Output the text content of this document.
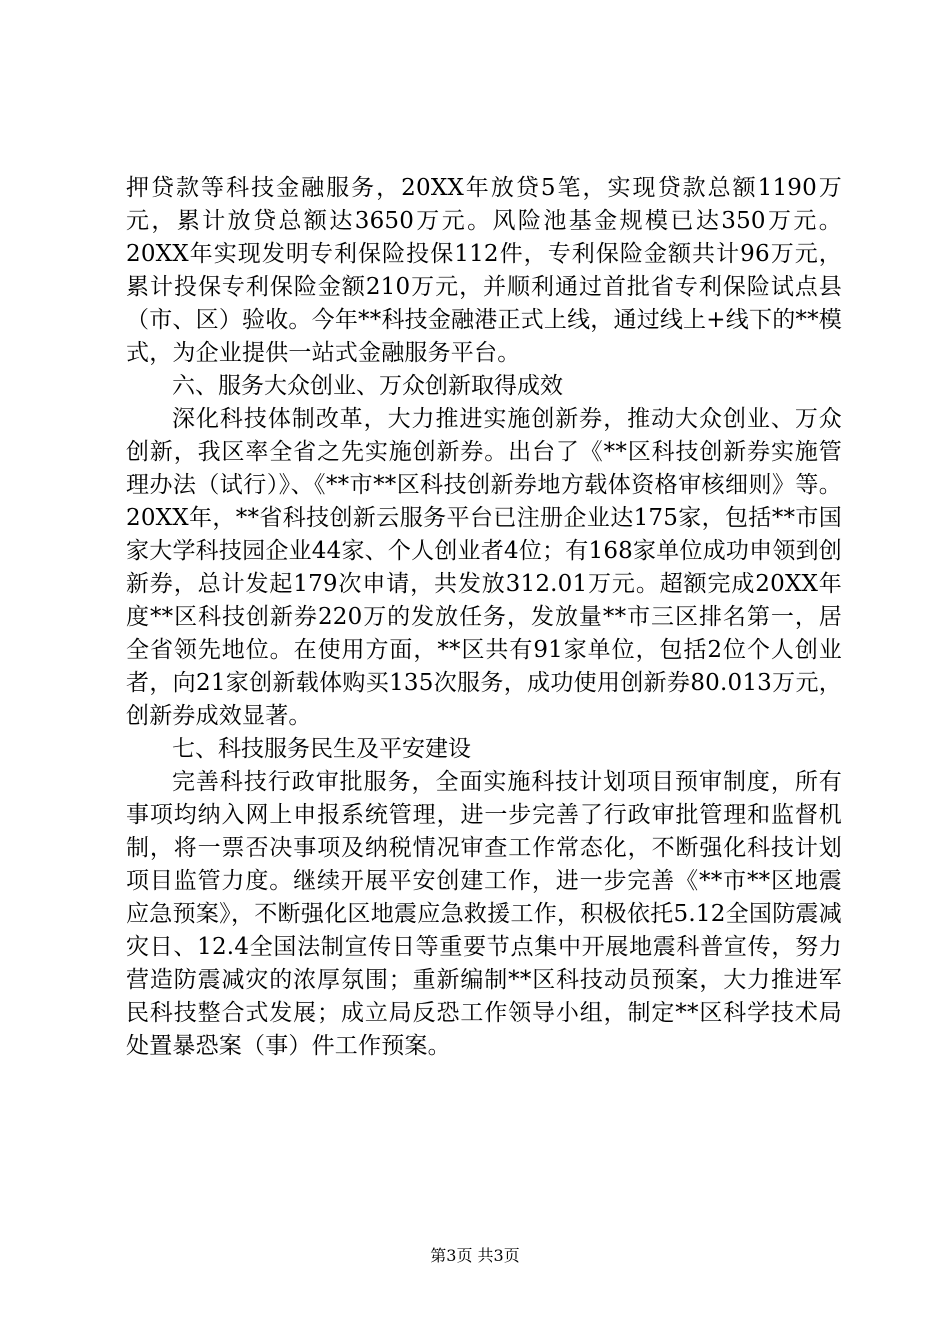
押贷款等科技金融服务，20XX年放贷5笔，实现贷款总额1190万元，累计放贷总额达3650万元。风险池基金规模已达350万元。20XX年实现发明专利保险投保112件，专利保险金额共计96万元，累计投保专利保险金额210万元，并顺利通过首批省专利保险试点县（市、区）验收。今年**科技金融港正式上线，通过线上+线下的**模式，为企业提供一站式金融服务平台。

六、服务大众创业、万众创新取得成效

深化科技体制改革，大力推进实施创新券，推动大众创业、万众创新，我区率全省之先实施创新券。出台了《**区科技创新券实施管理办法（试行）》、《**市**区科技创新券地方载体资格审核细则》等。20XX年，**省科技创新云服务平台已注册企业达175家，包括**市国家大学科技园企业44家、个人创业者4位；有168家单位成功申领到创新券，总计发起179次申请，共发放312.01万元。超额完成20XX年度**区科技创新券220万的发放任务，发放量**市三区排名第一，居全省领先地位。在使用方面，**区共有91家单位，包括2位个人创业者，向21家创新载体购买135次服务，成功使用创新券80.013万元，创新券成效显著。

七、科技服务民生及平安建设

完善科技行政审批服务，全面实施科技计划项目预审制度，所有事项均纳入网上申报系统管理，进一步完善了行政审批管理和监督机制，将一票否决事项及纳税情况审查工作常态化，不断强化科技计划项目监管力度。继续开展平安创建工作，进一步完善《**市**区地震应急预案》，不断强化区地震应急救援工作，积极依托5.12全国防震减灾日、12.4全国法制宣传日等重要节点集中开展地震科普宣传，努力营造防震减灾的浓厚氛围；重新编制**区科技动员预案，大力推进军民科技整合式发展；成立局反恐工作领导小组，制定**区科学技术局处置暴恐案（事）件工作预案。

第3页 共3页
